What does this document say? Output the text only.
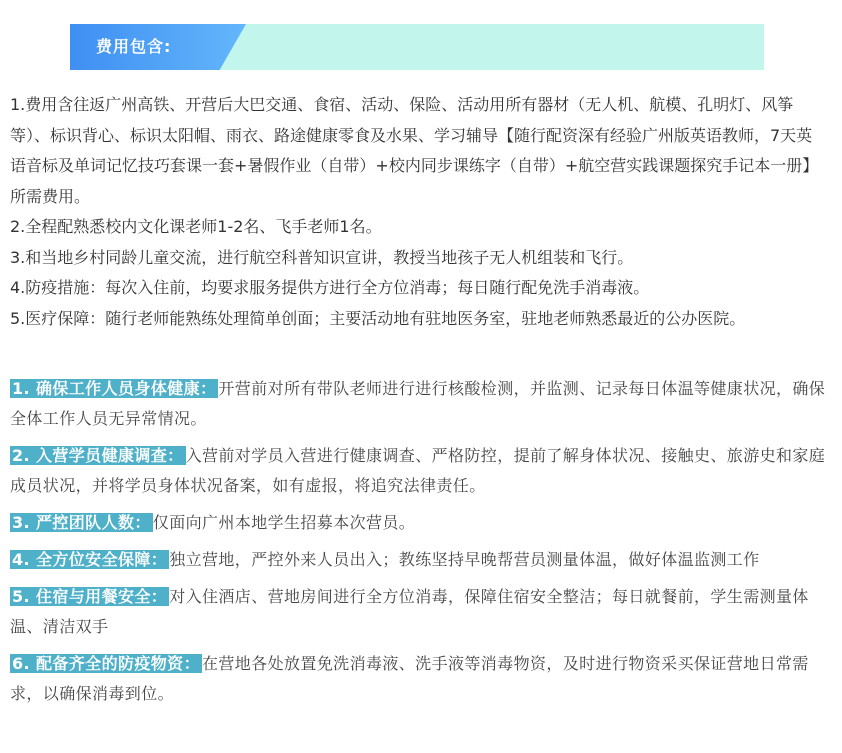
费用包含:

1.费用含往返广州高铁、开营后大巴交通、食宿、活动、保险、活动用所有器材（无人机、航模、孔明灯、风筝等）、标识背心、标识太阳帽、雨衣、路途健康零食及水果、学习辅导【随行配资深有经验广州版英语教师，7天英语音标及单词记忆技巧套课一套+暑假作业（自带）+校内同步课练字（自带）+航空营实践课题探究手记本一册】所需费用。

2.全程配熟悉校内文化课老师1-2名、飞手老师1名。

3.和当地乡村同龄儿童交流，进行航空科普知识宣讲，教授当地孩子无人机组装和飞行。

4.防疫措施：每次入住前，均要求服务提供方进行全方位消毒；每日随行配免洗手消毒液。

5.医疗保障：随行老师能熟练处理简单创面；主要活动地有驻地医务室，驻地老师熟悉最近的公办医院。

1. 确保工作人员身体健康： 开营前对所有带队老师进行进行核酸检测，并监测、记录每日体温等健康状况，确保全体工作人员无异常情况。

2. 入营学员健康调查： 入营前对学员入营进行健康调查、严格防控，提前了解身体状况、接触史、旅游史和家庭成员状况，并将学员身体状况备案，如有虚报，将追究法律责任。

3. 严控团队人数： 仅面向广州本地学生招募本次营员。

4. 全方位安全保障： 独立营地，严控外来人员出入；教练坚持早晚帮营员测量体温，做好体温监测工作

5. 住宿与用餐安全： 对入住酒店、营地房间进行全方位消毒，保障住宿安全整洁；每日就餐前，学生需测量体温、清洁双手

6. 配备齐全的防疫物资： 在营地各处放置免洗消毒液、洗手液等消毒物资，及时进行物资采买保证营地日常需求，以确保消毒到位。
